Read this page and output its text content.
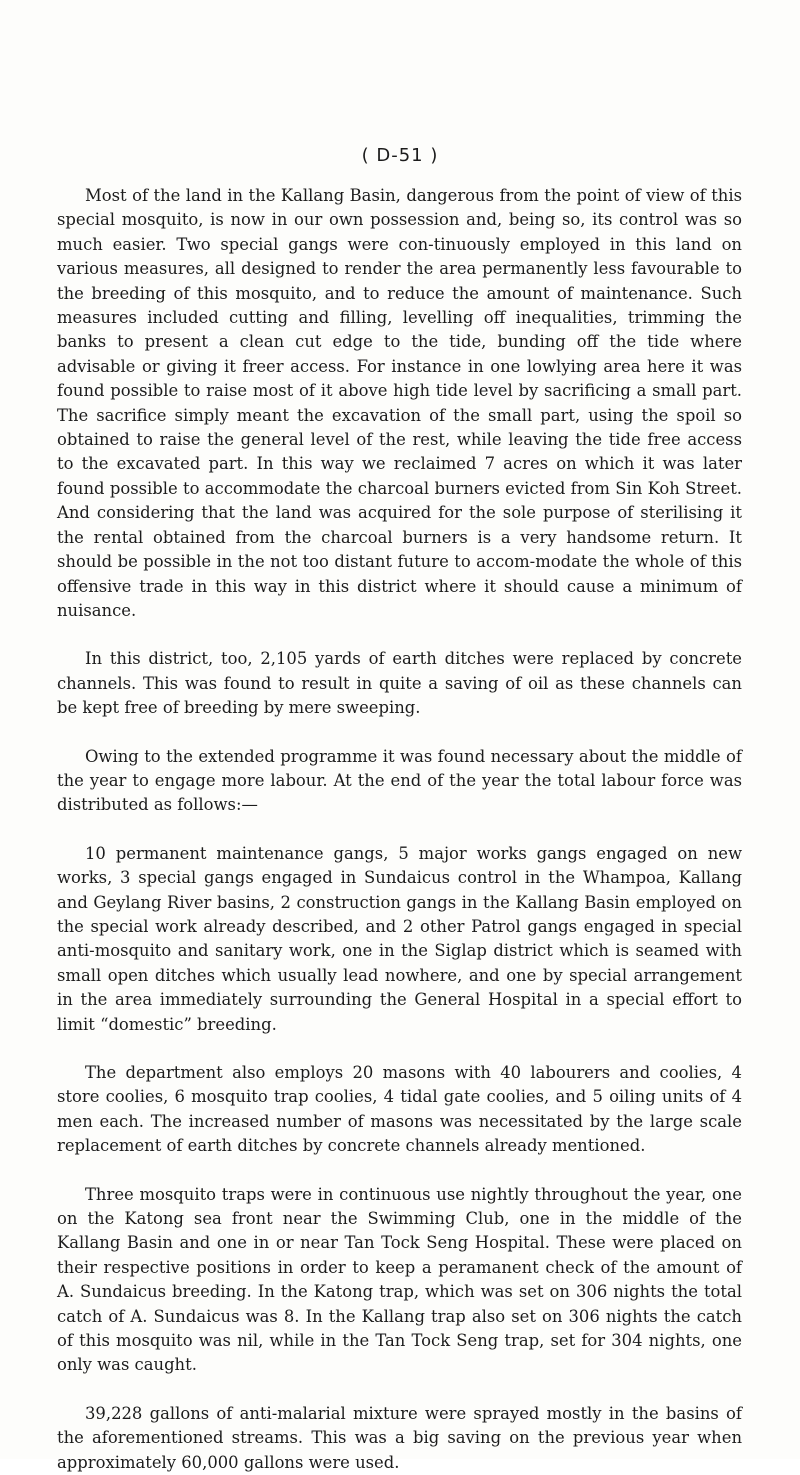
( D-51 )

Most of the land in the Kallang Basin, dangerous from the point of view of this special mosquito, is now in our own possession and, being so, its control was so much easier. Two special gangs were con-tinuously employed in this land on various measures, all designed to render the area permanently less favourable to the breeding of this mosquito, and to reduce the amount of maintenance. Such measures included cutting and filling, levelling off inequalities, trimming the banks to present a clean cut edge to the tide, bunding off the tide where advisable or giving it freer access. For instance in one lowlying area here it was found possible to raise most of it above high tide level by sacrificing a small part. The sacrifice simply meant the excavation of the small part, using the spoil so obtained to raise the general level of the rest, while leaving the tide free access to the excavated part. In this way we reclaimed 7 acres on which it was later found possible to accommodate the charcoal burners evicted from Sin Koh Street. And considering that the land was acquired for the sole purpose of sterilising it the rental obtained from the charcoal burners is a very handsome return. It should be possible in the not too distant future to accom-modate the whole of this offensive trade in this way in this district where it should cause a minimum of nuisance.

In this district, too, 2,105 yards of earth ditches were replaced by concrete channels. This was found to result in quite a saving of oil as these channels can be kept free of breeding by mere sweeping.

Owing to the extended programme it was found necessary about the middle of the year to engage more labour. At the end of the year the total labour force was distributed as follows:—

10 permanent maintenance gangs, 5 major works gangs engaged on new works, 3 special gangs engaged in Sundaicus control in the Whampoa, Kallang and Geylang River basins, 2 construction gangs in the Kallang Basin employed on the special work already described, and 2 other Patrol gangs engaged in special anti-mosquito and sanitary work, one in the Siglap district which is seamed with small open ditches which usually lead nowhere, and one by special arrangement in the area immediately surrounding the General Hospital in a special effort to limit “domestic” breeding.

The department also employs 20 masons with 40 labourers and coolies, 4 store coolies, 6 mosquito trap coolies, 4 tidal gate coolies, and 5 oiling units of 4 men each. The increased number of masons was necessitated by the large scale replacement of earth ditches by concrete channels already mentioned.

Three mosquito traps were in continuous use nightly throughout the year, one on the Katong sea front near the Swimming Club, one in the middle of the Kallang Basin and one in or near Tan Tock Seng Hospital. These were placed on their respective positions in order to keep a peramanent check of the amount of A. Sundaicus breeding. In the Katong trap, which was set on 306 nights the total catch of A. Sundaicus was 8. In the Kallang trap also set on 306 nights the catch of this mosquito was nil, while in the Tan Tock Seng trap, set for 304 nights, one only was caught.

39,228 gallons of anti-malarial mixture were sprayed mostly in the basins of the aforementioned streams. This was a big saving on the previous year when approximately 60,000 gallons were used.
